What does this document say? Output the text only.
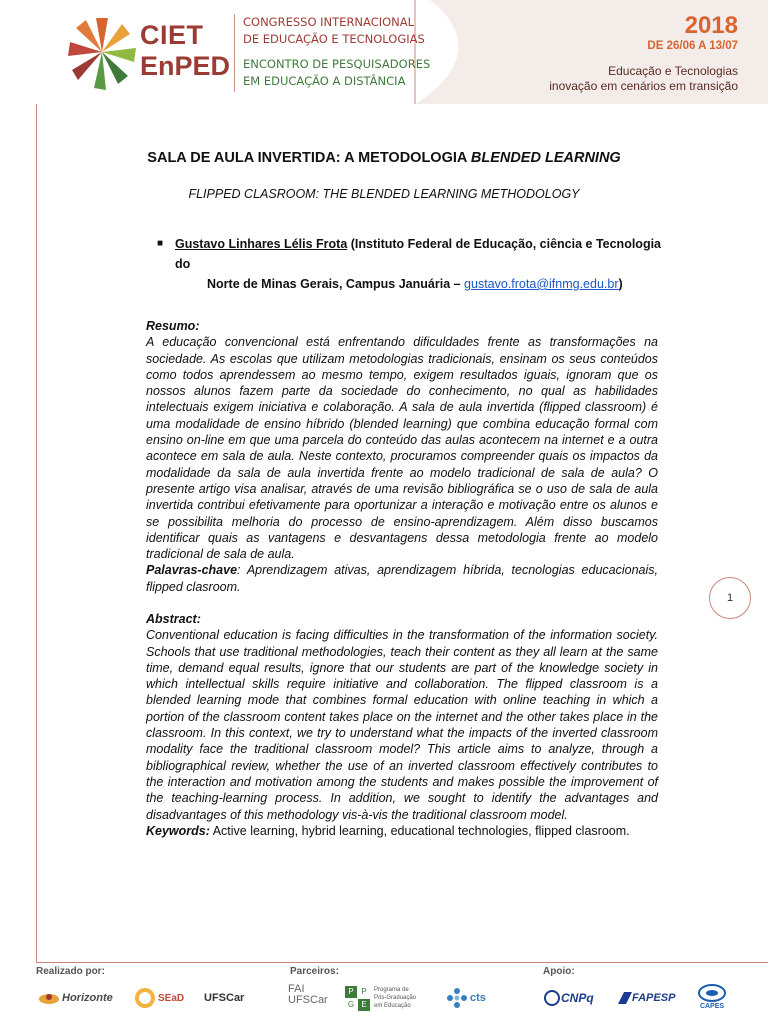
CIET
EnPED
CONGRESSO INTERNACIONAL
DE EDUCAÇÃO E TECNOLOGIAS
ENCONTRO DE PESQUISADORES
EM EDUCAÇÃO A DISTÂNCIA
2018
DE 26/06 A 13/07
Educação e Tecnologias
inovação em cenários em transição
1
SALA DE AULA INVERTIDA: A METODOLOGIA BLENDED LEARNING
FLIPPED CLASROOM: THE BLENDED LEARNING METHODOLOGY
■ Gustavo Linhares Lélis Frota (Instituto Federal de Educação, ciência e Tecnologia do
Norte de Minas Gerais, Campus Januária – gustavo.frota@ifnmg.edu.br)
Resumo:

A educação convencional está enfrentando dificuldades frente as transformações na sociedade. As escolas que utilizam metodologias tradicionais, ensinam os seus conteúdos como todos aprendessem ao mesmo tempo, exigem resultados iguais, ignoram que os nossos alunos fazem parte da sociedade do conhecimento, no qual as habilidades intelectuais exigem iniciativa e colaboração. A sala de aula invertida (flipped classroom) é uma modalidade de ensino híbrido (blended learning) que combina educação formal com ensino on-line em que uma parcela do conteúdo das aulas acontecem na internet e a outra acontece em sala de aula. Neste contexto, procuramos compreender quais os impactos da modalidade da sala de aula invertida frente ao modelo tradicional de sala de aula? O presente artigo visa analisar, através de uma revisão bibliográfica se o uso de sala de aula invertida contribui efetivamente para oportunizar a interação e motivação entre os alunos e se possibilita melhoria do processo de ensino-aprendizagem. Além disso buscamos identificar quais as vantagens e desvantagens dessa metodologia frente ao modelo tradicional de sala de aula.

Palavras-chave: Aprendizagem ativas, aprendizagem híbrida, tecnologias educacionais, flipped clasroom.

Abstract:

Conventional education is facing difficulties in the transformation of the information society. Schools that use traditional methodologies, teach their content as they all learn at the same time, demand equal results, ignore that our students are part of the knowledge society in which intellectual skills require initiative and collaboration. The flipped classroom is a blended learning mode that combines formal education with online teaching in which a portion of the classroom content takes place on the internet and the other takes place in the classroom. In this context, we try to understand what the impacts of the inverted classroom modality face the traditional classroom model? This article aims to analyze, through a bibliographical review, whether the use of an inverted classroom effectively contributes to the interaction and motivation among the students and makes possible the improvement of the teaching-learning process. In addition, we sought to identify the advantages and disadvantages of this methodology vis-à-vis the traditional classroom model.

Keywords: Active learning, hybrid learning, educational technologies, flipped clasroom.

Realizado por:	Parceiros:	Apoio:
Horizonte	SEaD UFSCar
FAI
UFSCar
P P
G E
Programa de
Pós-Graduação
em Educação
cts	CNPq	FAPESP
CAPES
